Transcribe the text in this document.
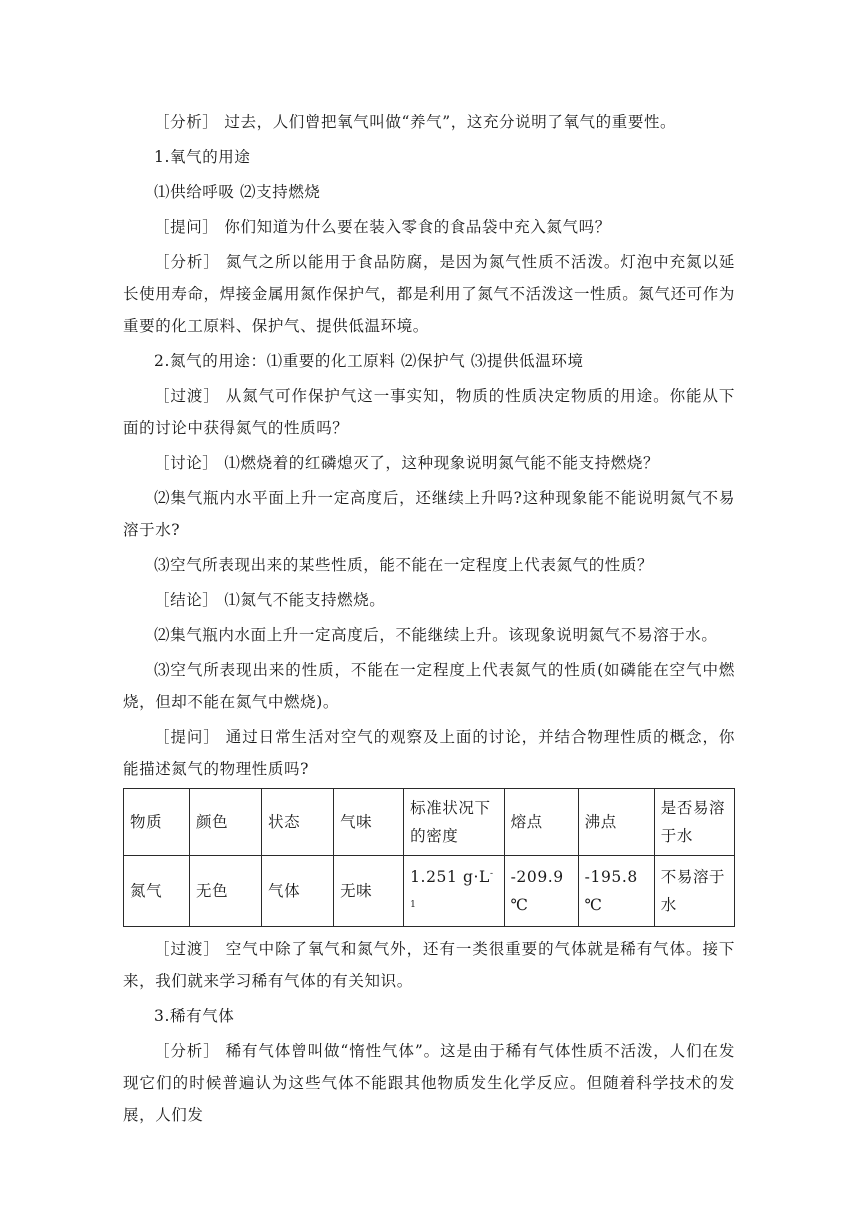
［分析］ 过去，人们曾把氧气叫做“养气”，这充分说明了氧气的重要性。

1.氧气的用途

⑴供给呼吸 ⑵支持燃烧

［提问］ 你们知道为什么要在装入零食的食品袋中充入氮气吗？

［分析］ 氮气之所以能用于食品防腐，是因为氮气性质不活泼。灯泡中充氮以延长使用寿命，焊接金属用氮作保护气，都是利用了氮气不活泼这一性质。氮气还可作为重要的化工原料、保护气、提供低温环境。

2.氮气的用途：⑴重要的化工原料 ⑵保护气 ⑶提供低温环境

［过渡］ 从氮气可作保护气这一事实知，物质的性质决定物质的用途。你能从下面的讨论中获得氮气的性质吗？

［讨论］ ⑴燃烧着的红磷熄灭了，这种现象说明氮气能不能支持燃烧？

⑵集气瓶内水平面上升一定高度后，还继续上升吗?这种现象能不能说明氮气不易溶于水?

⑶空气所表现出来的某些性质，能不能在一定程度上代表氮气的性质？

［结论］ ⑴氮气不能支持燃烧。

⑵集气瓶内水面上升一定高度后，不能继续上升。该现象说明氮气不易溶于水。

⑶空气所表现出来的性质，不能在一定程度上代表氮气的性质(如磷能在空气中燃烧，但却不能在氮气中燃烧)。

［提问］ 通过日常生活对空气的观察及上面的讨论，并结合物理性质的概念，你能描述氮气的物理性质吗?

物质	颜色	状态	气味	标准状况下的密度	熔点	沸点	是否易溶于水
氮气	无色	气体	无味	1.251 $g\cdot L^{-1}$	-209.9 ℃	-195.8 ℃	不易溶于水

［过渡］ 空气中除了氧气和氮气外，还有一类很重要的气体就是稀有气体。接下来，我们就来学习稀有气体的有关知识。

3.稀有气体

［分析］ 稀有气体曾叫做“惰性气体”。这是由于稀有气体性质不活泼，人们在发现它们的时候普遍认为这些气体不能跟其他物质发生化学反应。但随着科学技术的发展，人们发
